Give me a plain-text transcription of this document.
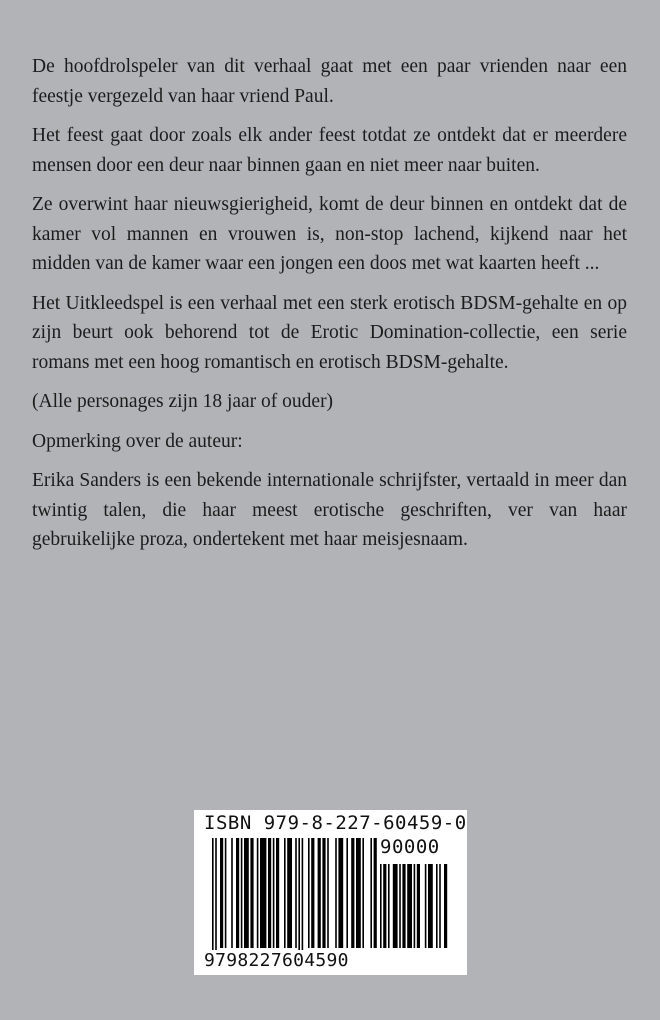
De hoofdrolspeler van dit verhaal gaat met een paar vrienden naar een feestje vergezeld van haar vriend Paul.

Het feest gaat door zoals elk ander feest totdat ze ontdekt dat er meerdere mensen door een deur naar binnen gaan en niet meer naar buiten.

Ze overwint haar nieuwsgierigheid, komt de deur binnen en ontdekt dat de kamer vol mannen en vrouwen is, non-stop lachend, kijkend naar het midden van de kamer waar een jongen een doos met wat kaarten heeft ...

Het Uitkleedspel is een verhaal met een sterk erotisch BDSM-gehalte en op zijn beurt ook behorend tot de Erotic Domination-collectie, een serie romans met een hoog romantisch en erotisch BDSM-gehalte.

(Alle personages zijn 18 jaar of ouder)

Opmerking over de auteur:

Erika Sanders is een bekende internationale schrijfster, vertaald in meer dan twintig talen, die haar meest erotische geschriften, ver van haar gebruikelijke proza, ondertekent met haar meisjesnaam.

ISBN 979-8-227-60459-0
90000
9798227604590
